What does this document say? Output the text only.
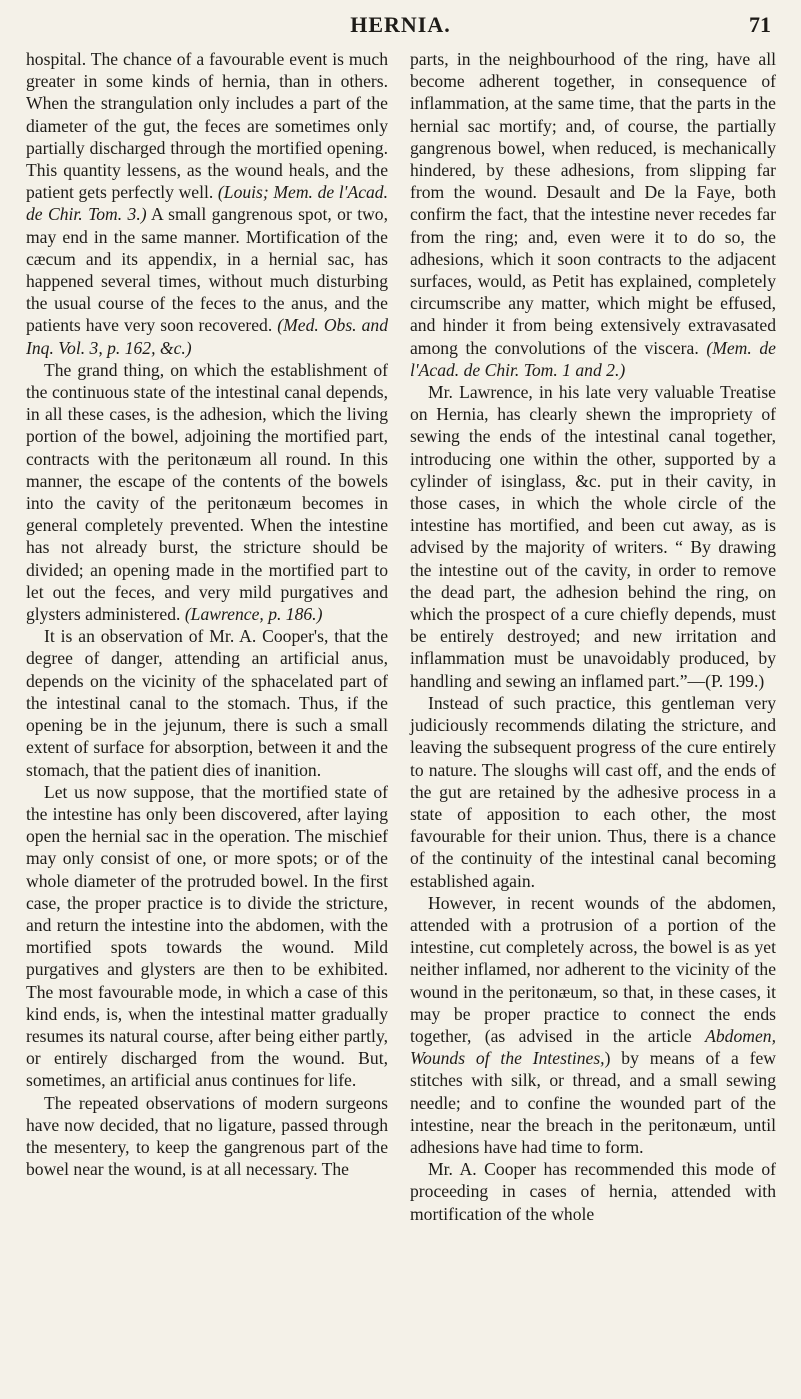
HERNIA.	71

hospital. The chance of a favourable event is much greater in some kinds of hernia, than in others. When the strangulation only includes a part of the diameter of the gut, the feces are sometimes only partially discharged through the mortified opening. This quantity lessens, as the wound heals, and the patient gets perfectly well. (Louis; Mem. de l'Acad. de Chir. Tom. 3.) A small gangrenous spot, or two, may end in the same manner. Mortification of the cæcum and its appendix, in a hernial sac, has happened several times, without much disturbing the usual course of the feces to the anus, and the patients have very soon recovered. (Med. Obs. and Inq. Vol. 3, p. 162, &c.)

The grand thing, on which the establishment of the continuous state of the intestinal canal depends, in all these cases, is the adhesion, which the living portion of the bowel, adjoining the mortified part, contracts with the peritonæum all round. In this manner, the escape of the contents of the bowels into the cavity of the peritonæum becomes in general completely prevented. When the intestine has not already burst, the stricture should be divided; an opening made in the mortified part to let out the feces, and very mild purgatives and glysters administered. (Lawrence, p. 186.)

It is an observation of Mr. A. Cooper's, that the degree of danger, attending an artificial anus, depends on the vicinity of the sphacelated part of the intestinal canal to the stomach. Thus, if the opening be in the jejunum, there is such a small extent of surface for absorption, between it and the stomach, that the patient dies of inanition.

Let us now suppose, that the mortified state of the intestine has only been discovered, after laying open the hernial sac in the operation. The mischief may only consist of one, or more spots; or of the whole diameter of the protruded bowel. In the first case, the proper practice is to divide the stricture, and return the intestine into the abdomen, with the mortified spots towards the wound. Mild purgatives and glysters are then to be exhibited. The most favourable mode, in which a case of this kind ends, is, when the intestinal matter gradually resumes its natural course, after being either partly, or entirely discharged from the wound. But, sometimes, an artificial anus continues for life.

The repeated observations of modern surgeons have now decided, that no ligature, passed through the mesentery, to keep the gangrenous part of the bowel near the wound, is at all necessary. The

parts, in the neighbourhood of the ring, have all become adherent together, in consequence of inflammation, at the same time, that the parts in the hernial sac mortify; and, of course, the partially gangrenous bowel, when reduced, is mechanically hindered, by these adhesions, from slipping far from the wound. Desault and De la Faye, both confirm the fact, that the intestine never recedes far from the ring; and, even were it to do so, the adhesions, which it soon contracts to the adjacent surfaces, would, as Petit has explained, completely circumscribe any matter, which might be effused, and hinder it from being extensively extravasated among the convolutions of the viscera. (Mem. de l'Acad. de Chir. Tom. 1 and 2.)

Mr. Lawrence, in his late very valuable Treatise on Hernia, has clearly shewn the impropriety of sewing the ends of the intestinal canal together, introducing one within the other, supported by a cylinder of isinglass, &c. put in their cavity, in those cases, in which the whole circle of the intestine has mortified, and been cut away, as is advised by the majority of writers. “ By drawing the intestine out of the cavity, in order to remove the dead part, the adhesion behind the ring, on which the prospect of a cure chiefly depends, must be entirely destroyed; and new irritation and inflammation must be unavoidably produced, by handling and sewing an inflamed part.”—(P. 199.)

Instead of such practice, this gentleman very judiciously recommends dilating the stricture, and leaving the subsequent progress of the cure entirely to nature. The sloughs will cast off, and the ends of the gut are retained by the adhesive process in a state of apposition to each other, the most favourable for their union. Thus, there is a chance of the continuity of the intestinal canal becoming established again.

However, in recent wounds of the abdomen, attended with a protrusion of a portion of the intestine, cut completely across, the bowel is as yet neither inflamed, nor adherent to the vicinity of the wound in the peritonæum, so that, in these cases, it may be proper practice to connect the ends together, (as advised in the article Abdomen, Wounds of the Intestines,) by means of a few stitches with silk, or thread, and a small sewing needle; and to confine the wounded part of the intestine, near the breach in the peritonæum, until adhesions have had time to form.

Mr. A. Cooper has recommended this mode of proceeding in cases of hernia, attended with mortification of the whole
